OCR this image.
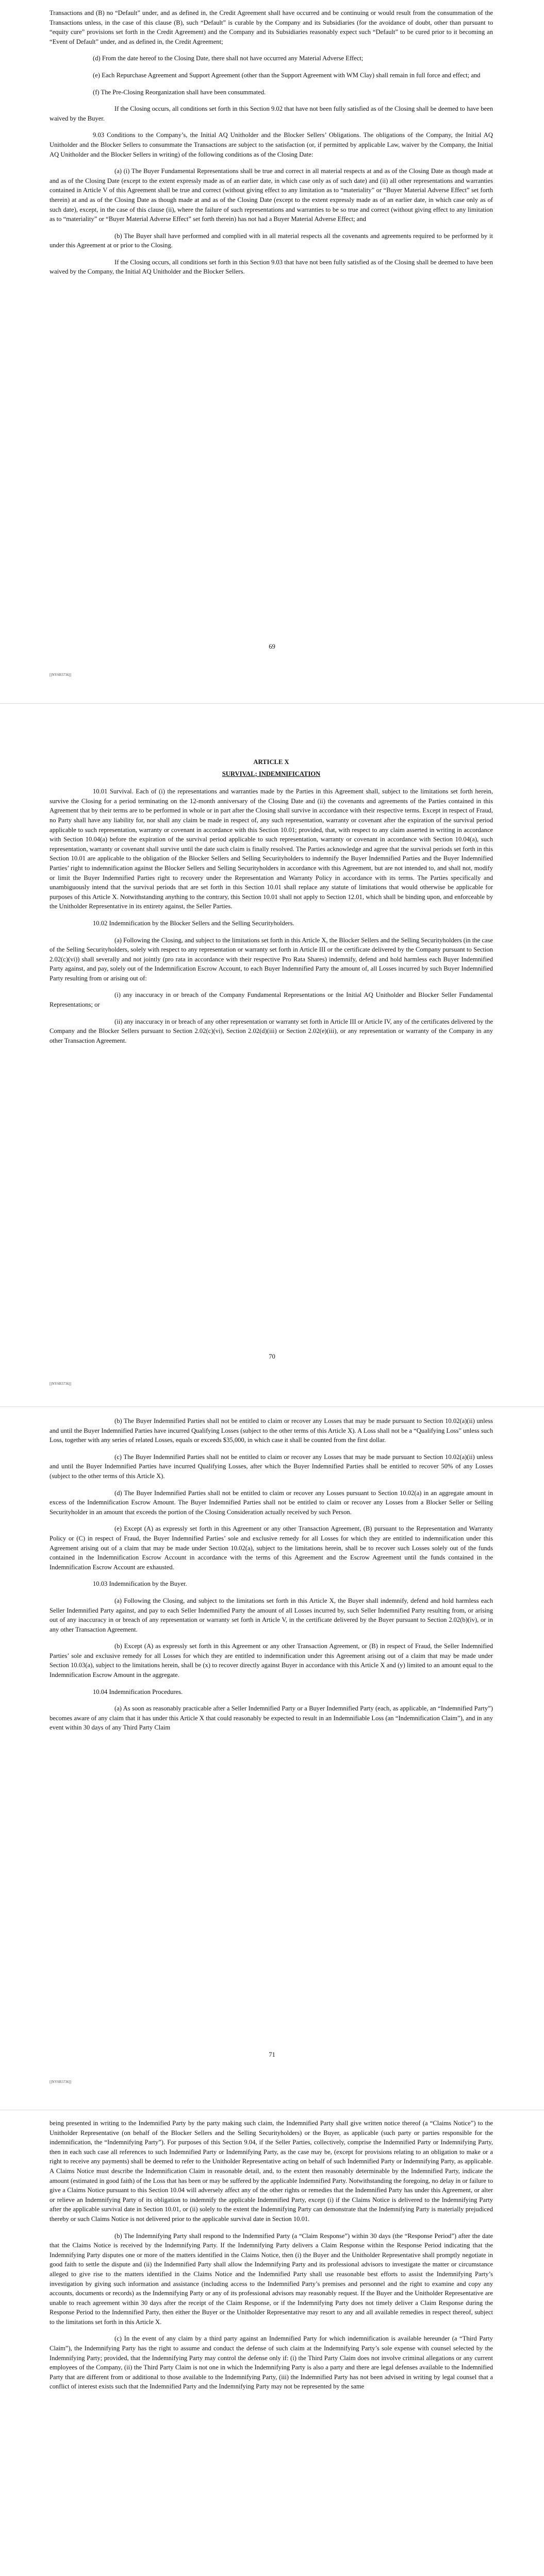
Transactions and (B) no “Default” under, and as defined in, the Credit Agreement shall have occurred and be continuing or would result from the consummation of the Transactions unless, in the case of this clause (B), such “Default” is curable by the Company and its Subsidiaries (for the avoidance of doubt, other than pursuant to “equity cure” provisions set forth in the Credit Agreement) and the Company and its Subsidiaries reasonably expect such “Default” to be cured prior to it becoming an “Event of Default” under, and as defined in, the Credit Agreement;

(d) From the date hereof to the Closing Date, there shall not have occurred any Material Adverse Effect;

(e) Each Repurchase Agreement and Support Agreement (other than the Support Agreement with WM Clay) shall remain in full force and effect; and

(f) The Pre-Closing Reorganization shall have been consummated.

If the Closing occurs, all conditions set forth in this Section 9.02 that have not been fully satisfied as of the Closing shall be deemed to have been waived by the Buyer.

9.03 Conditions to the Company’s, the Initial AQ Unitholder and the Blocker Sellers’ Obligations. The obligations of the Company, the Initial AQ Unitholder and the Blocker Sellers to consummate the Transactions are subject to the satisfaction (or, if permitted by applicable Law, waiver by the Company, the Initial AQ Unitholder and the Blocker Sellers in writing) of the following conditions as of the Closing Date:

(a) (i) The Buyer Fundamental Representations shall be true and correct in all material respects at and as of the Closing Date as though made at and as of the Closing Date (except to the extent expressly made as of an earlier date, in which case only as of such date) and (ii) all other representations and warranties contained in Article V of this Agreement shall be true and correct (without giving effect to any limitation as to “materiality” or “Buyer Material Adverse Effect” set forth therein) at and as of the Closing Date as though made at and as of the Closing Date (except to the extent expressly made as of an earlier date, in which case only as of such date), except, in the case of this clause (ii), where the failure of such representations and warranties to be so true and correct (without giving effect to any limitation as to “materiality” or “Buyer Material Adverse Effect” set forth therein) has not had a Buyer Material Adverse Effect; and

(b) The Buyer shall have performed and complied with in all material respects all the covenants and agreements required to be performed by it under this Agreement at or prior to the Closing.

If the Closing occurs, all conditions set forth in this Section 9.03 that have not been fully satisfied as of the Closing shall be deemed to have been waived by the Company, the Initial AQ Unitholder and the Blocker Sellers.

69
[[NYSR5736]]

ARTICLE X

SURVIVAL; INDEMNIFICATION

10.01 Survival. Each of (i) the representations and warranties made by the Parties in this Agreement shall, subject to the limitations set forth herein, survive the Closing for a period terminating on the 12-month anniversary of the Closing Date and (ii) the covenants and agreements of the Parties contained in this Agreement that by their terms are to be performed in whole or in part after the Closing shall survive in accordance with their respective terms. Except in respect of Fraud, no Party shall have any liability for, nor shall any claim be made in respect of, any such representation, warranty or covenant after the expiration of the survival period applicable to such representation, warranty or covenant in accordance with this Section 10.01; provided, that, with respect to any claim asserted in writing in accordance with Section 10.04(a) before the expiration of the survival period applicable to such representation, warranty or covenant in accordance with Section 10.04(a), such representation, warranty or covenant shall survive until the date such claim is finally resolved. The Parties acknowledge and agree that the survival periods set forth in this Section 10.01 are applicable to the obligation of the Blocker Sellers and Selling Securityholders to indemnify the Buyer Indemnified Parties and the Buyer Indemnified Parties’ right to indemnification against the Blocker Sellers and Selling Securityholders in accordance with this Agreement, but are not intended to, and shall not, modify or limit the Buyer Indemnified Parties right to recovery under the Representation and Warranty Policy in accordance with its terms. The Parties specifically and unambiguously intend that the survival periods that are set forth in this Section 10.01 shall replace any statute of limitations that would otherwise be applicable for purposes of this Article X. Notwithstanding anything to the contrary, this Section 10.01 shall not apply to Section 12.01, which shall be binding upon, and enforceable by the Unitholder Representative in its entirety against, the Seller Parties.

10.02 Indemnification by the Blocker Sellers and the Selling Securityholders.

(a) Following the Closing, and subject to the limitations set forth in this Article X, the Blocker Sellers and the Selling Securityholders (in the case of the Selling Securityholders, solely with respect to any representation or warranty set forth in Article III or the certificate delivered by the Company pursuant to Section 2.02(c)(vi)) shall severally and not jointly (pro rata in accordance with their respective Pro Rata Shares) indemnify, defend and hold harmless each Buyer Indemnified Party against, and pay, solely out of the Indemnification Escrow Account, to each Buyer Indemnified Party the amount of, all Losses incurred by such Buyer Indemnified Party resulting from or arising out of:

(i) any inaccuracy in or breach of the Company Fundamental Representations or the Initial AQ Unitholder and Blocker Seller Fundamental Representations; or

(ii) any inaccuracy in or breach of any other representation or warranty set forth in Article III or Article IV, any of the certificates delivered by the Company and the Blocker Sellers pursuant to Section 2.02(c)(vi), Section 2.02(d)(iii) or Section 2.02(e)(iii), or any representation or warranty of the Company in any other Transaction Agreement.

70
[[NYSR5736]]

(b) The Buyer Indemnified Parties shall not be entitled to claim or recover any Losses that may be made pursuant to Section 10.02(a)(ii) unless and until the Buyer Indemnified Parties have incurred Qualifying Losses (subject to the other terms of this Article X). A Loss shall not be a “Qualifying Loss” unless such Loss, together with any series of related Losses, equals or exceeds $35,000, in which case it shall be counted from the first dollar.

(c) The Buyer Indemnified Parties shall not be entitled to claim or recover any Losses that may be made pursuant to Section 10.02(a)(ii) unless and until the Buyer Indemnified Parties have incurred Qualifying Losses, after which the Buyer Indemnified Parties shall be entitled to recover 50% of any Losses (subject to the other terms of this Article X).

(d) The Buyer Indemnified Parties shall not be entitled to claim or recover any Losses pursuant to Section 10.02(a) in an aggregate amount in excess of the Indemnification Escrow Amount. The Buyer Indemnified Parties shall not be entitled to claim or recover any Losses from a Blocker Seller or Selling Securityholder in an amount that exceeds the portion of the Closing Consideration actually received by such Person.

(e) Except (A) as expressly set forth in this Agreement or any other Transaction Agreement, (B) pursuant to the Representation and Warranty Policy or (C) in respect of Fraud, the Buyer Indemnified Parties’ sole and exclusive remedy for all Losses for which they are entitled to indemnification under this Agreement arising out of a claim that may be made under Section 10.02(a), subject to the limitations herein, shall be to recover such Losses solely out of the funds contained in the Indemnification Escrow Account in accordance with the terms of this Agreement and the Escrow Agreement until the funds contained in the Indemnification Escrow Account are exhausted.

10.03 Indemnification by the Buyer.

(a) Following the Closing, and subject to the limitations set forth in this Article X, the Buyer shall indemnify, defend and hold harmless each Seller Indemnified Party against, and pay to each Seller Indemnified Party the amount of all Losses incurred by, such Seller Indemnified Party resulting from, or arising out of any inaccuracy in or breach of any representation or warranty set forth in Article V, in the certificate delivered by the Buyer pursuant to Section 2.02(b)(iv), or in any other Transaction Agreement.

(b) Except (A) as expressly set forth in this Agreement or any other Transaction Agreement, or (B) in respect of Fraud, the Seller Indemnified Parties’ sole and exclusive remedy for all Losses for which they are entitled to indemnification under this Agreement arising out of a claim that may be made under Section 10.03(a), subject to the limitations herein, shall be (x) to recover directly against Buyer in accordance with this Article X and (y) limited to an amount equal to the Indemnification Escrow Amount in the aggregate.

10.04 Indemnification Procedures.

(a) As soon as reasonably practicable after a Seller Indemnified Party or a Buyer Indemnified Party (each, as applicable, an “Indemnified Party”) becomes aware of any claim that it has under this Article X that could reasonably be expected to result in an Indemnifiable Loss (an “Indemnification Claim”), and in any event within 30 days of any Third Party Claim

71
[[NYSR5736]]

being presented in writing to the Indemnified Party by the party making such claim, the Indemnified Party shall give written notice thereof (a “Claims Notice”) to the Unitholder Representative (on behalf of the Blocker Sellers and the Selling Securityholders) or the Buyer, as applicable (such party or parties responsible for the indemnification, the “Indemnifying Party”). For purposes of this Section 9.04, if the Seller Parties, collectively, comprise the Indemnified Party or Indemnifying Party, then in each such case all references to such Indemnified Party or Indemnifying Party, as the case may be, (except for provisions relating to an obligation to make or a right to receive any payments) shall be deemed to refer to the Unitholder Representative acting on behalf of such Indemnified Party or Indemnifying Party, as applicable. A Claims Notice must describe the Indemnification Claim in reasonable detail, and, to the extent then reasonably determinable by the Indemnified Party, indicate the amount (estimated in good faith) of the Loss that has been or may be suffered by the applicable Indemnified Party. Notwithstanding the foregoing, no delay in or failure to give a Claims Notice pursuant to this Section 10.04 will adversely affect any of the other rights or remedies that the Indemnified Party has under this Agreement, or alter or relieve an Indemnifying Party of its obligation to indemnify the applicable Indemnified Party, except (i) if the Claims Notice is delivered to the Indemnifying Party after the applicable survival date in Section 10.01, or (ii) solely to the extent the Indemnifying Party can demonstrate that the Indemnifying Party is materially prejudiced thereby or such Claims Notice is not delivered prior to the applicable survival date in Section 10.01.

(b) The Indemnifying Party shall respond to the Indemnified Party (a “Claim Response”) within 30 days (the “Response Period”) after the date that the Claims Notice is received by the Indemnifying Party. If the Indemnifying Party delivers a Claim Response within the Response Period indicating that the Indemnifying Party disputes one or more of the matters identified in the Claims Notice, then (i) the Buyer and the Unitholder Representative shall promptly negotiate in good faith to settle the dispute and (ii) the Indemnified Party shall allow the Indemnifying Party and its professional advisors to investigate the matter or circumstance alleged to give rise to the matters identified in the Claims Notice and the Indemnified Party shall use reasonable best efforts to assist the Indemnifying Party’s investigation by giving such information and assistance (including access to the Indemnified Party’s premises and personnel and the right to examine and copy any accounts, documents or records) as the Indemnifying Party or any of its professional advisors may reasonably request. If the Buyer and the Unitholder Representative are unable to reach agreement within 30 days after the receipt of the Claim Response, or if the Indemnifying Party does not timely deliver a Claim Response during the Response Period to the Indemnified Party, then either the Buyer or the Unitholder Representative may resort to any and all available remedies in respect thereof, subject to the limitations set forth in this Article X.

(c) In the event of any claim by a third party against an Indemnified Party for which indemnification is available hereunder (a “Third Party Claim”), the Indemnifying Party has the right to assume and conduct the defense of such claim at the Indemnifying Party’s sole expense with counsel selected by the Indemnifying Party; provided, that the Indemnifying Party may control the defense only if: (i) the Third Party Claim does not involve criminal allegations or any current employees of the Company, (ii) the Third Party Claim is not one in which the Indemnifying Party is also a party and there are legal defenses available to the Indemnified Party that are different from or additional to those available to the Indemnifying Party, (iii) the Indemnified Party has not been advised in writing by legal counsel that a conflict of interest exists such that the Indemnified Party and the Indemnifying Party may not be represented by the same
